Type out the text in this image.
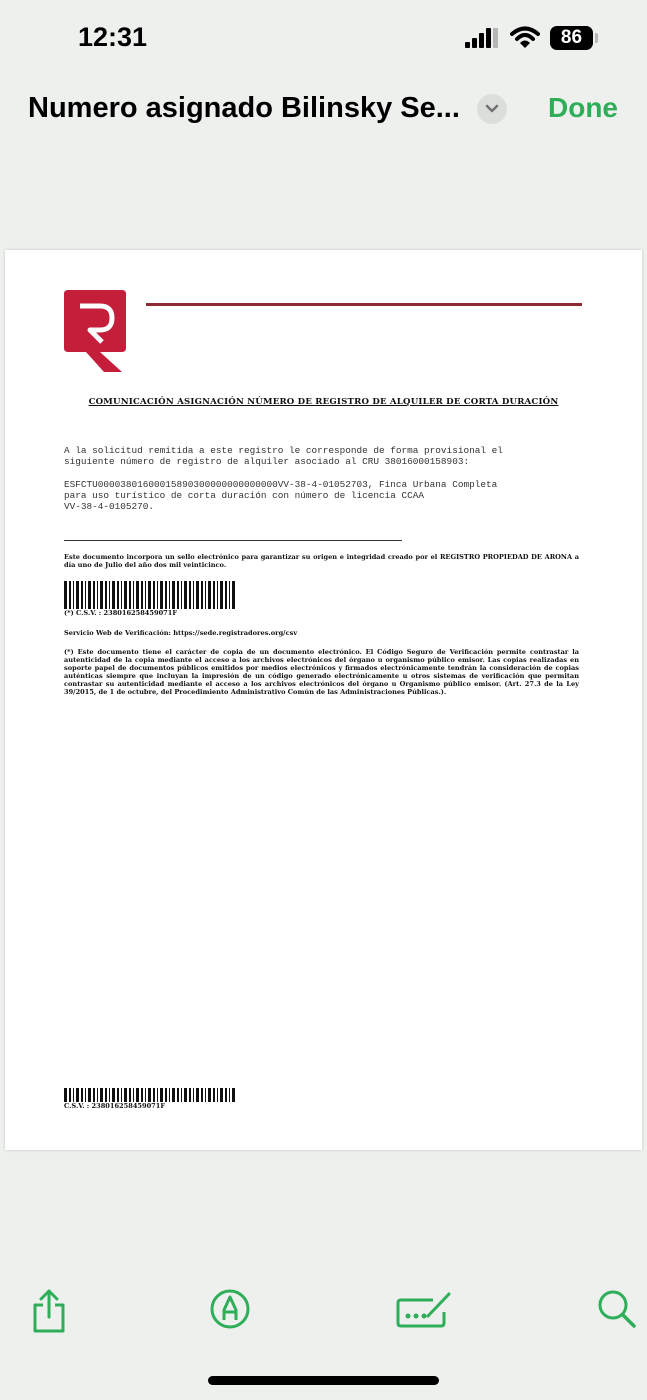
12:31	86
Numero asignado Bilinsky Se...	Done
COMUNICACIÓN ASIGNACIÓN NÚMERO DE REGISTRO DE ALQUILER DE CORTA DURACIÓN
A la solicitud remitida a este registro le corresponde de forma provisional el
siguiente número de registro de alquiler asociado al CRU 38016000158903:
ESFCTU00003801600015890300000000000000VV-38-4-01052703, Finca Urbana Completa
para uso turístico de corta duración con número de licencia CCAA
VV-38-4-0105270.
Este documento incorpora un sello electrónico para garantizar su origen e integridad creado por el REGISTRO PROPIEDAD DE ARONA a día uno de Julio del año dos mil veinticinco.
(*) C.S.V. : 238016258459071F
Servicio Web de Verificación: https://sede.registradores.org/csv
(*) Este documento tiene el carácter de copia de un documento electrónico. El Código Seguro de Verificación permite contrastar la autenticidad de la copia mediante el acceso a los archivos electrónicos del órgano u organismo público emisor. Las copias realizadas en soporte papel de documentos públicos emitidos por medios electrónicos y firmados electrónicamente tendrán la consideración de copias auténticas siempre que incluyan la impresión de un código generado electrónicamente u otros sistemas de verificación que permitan contrastar su autenticidad mediante el acceso a los archivos electrónicos del órgano u Organismo público emisor. (Art. 27.3 de la Ley 39/2015, de 1 de octubre, del Procedimiento Administrativo Común de las Administraciones Públicas.).
C.S.V. : 238016258459071F
